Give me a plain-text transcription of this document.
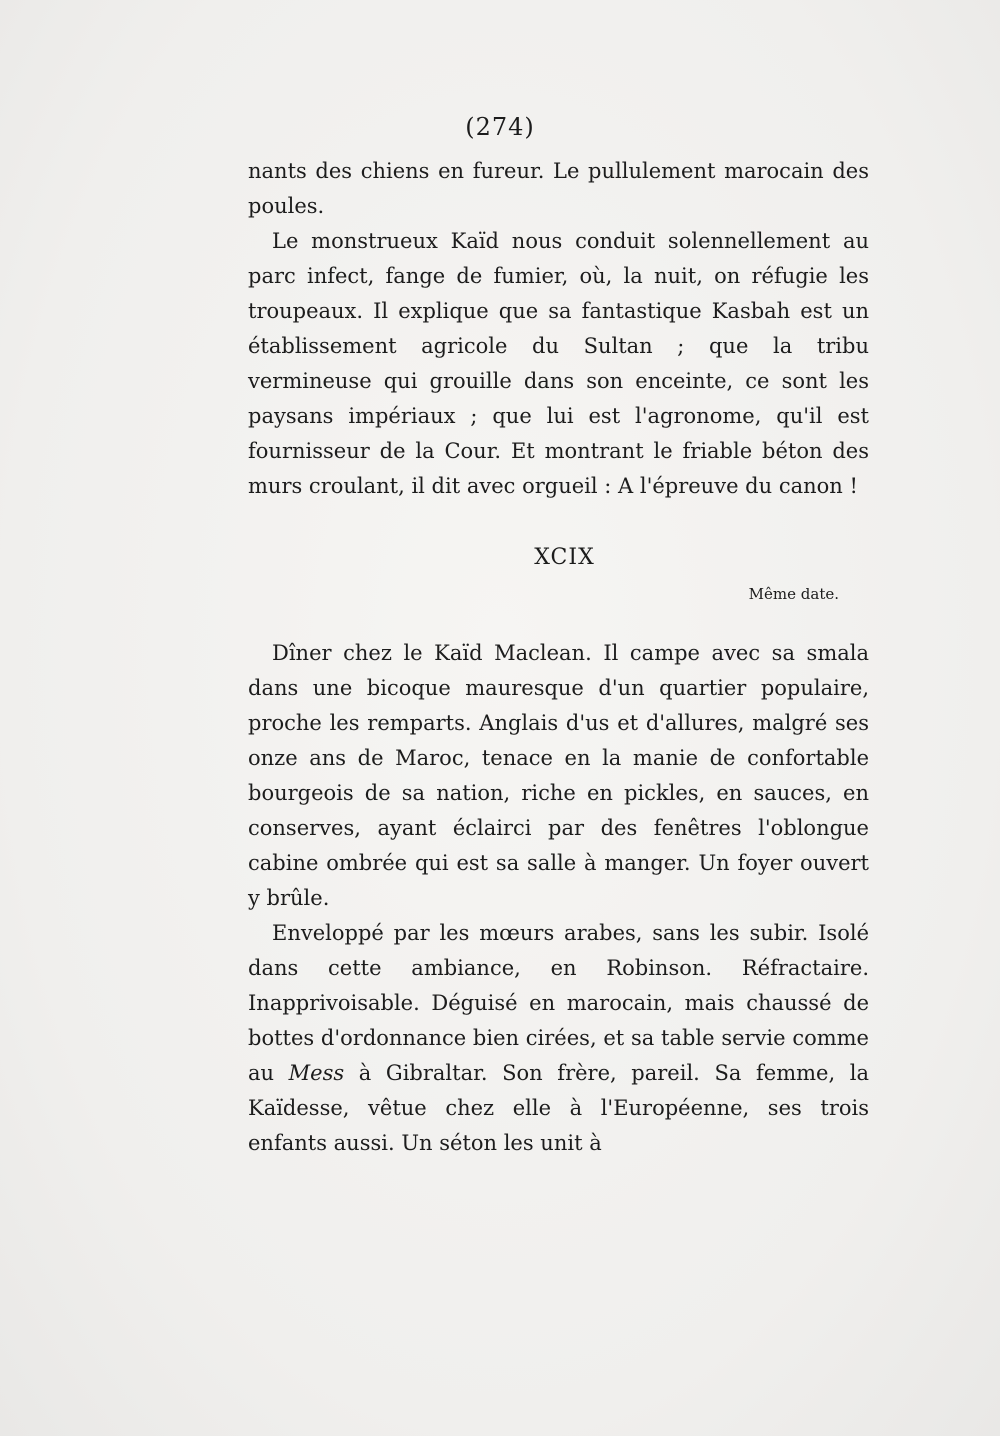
(274)

nants des chiens en fureur. Le pullulement marocain des poules.

Le monstrueux Kaïd nous conduit solennellement au parc infect, fange de fumier, où, la nuit, on réfugie les troupeaux. Il explique que sa fantastique Kasbah est un établissement agricole du Sultan ; que la tribu vermineuse qui grouille dans son enceinte, ce sont les paysans impériaux ; que lui est l'agronome, qu'il est fournisseur de la Cour. Et montrant le friable béton des murs croulant, il dit avec orgueil : A l'épreuve du canon !

XCIX
Même date.

Dîner chez le Kaïd Maclean. Il campe avec sa smala dans une bicoque mauresque d'un quartier populaire, proche les remparts. Anglais d'us et d'allures, malgré ses onze ans de Maroc, tenace en la manie de confortable bourgeois de sa nation, riche en pickles, en sauces, en conserves, ayant éclairci par des fenêtres l'oblongue cabine ombrée qui est sa salle à manger. Un foyer ouvert y brûle.

Enveloppé par les mœurs arabes, sans les subir. Isolé dans cette ambiance, en Robinson. Réfractaire. Inapprivoisable. Déguisé en marocain, mais chaussé de bottes d'ordonnance bien cirées, et sa table servie comme au Mess à Gibraltar. Son frère, pareil. Sa femme, la Kaïdesse, vêtue chez elle à l'Européenne, ses trois enfants aussi. Un séton les unit à
